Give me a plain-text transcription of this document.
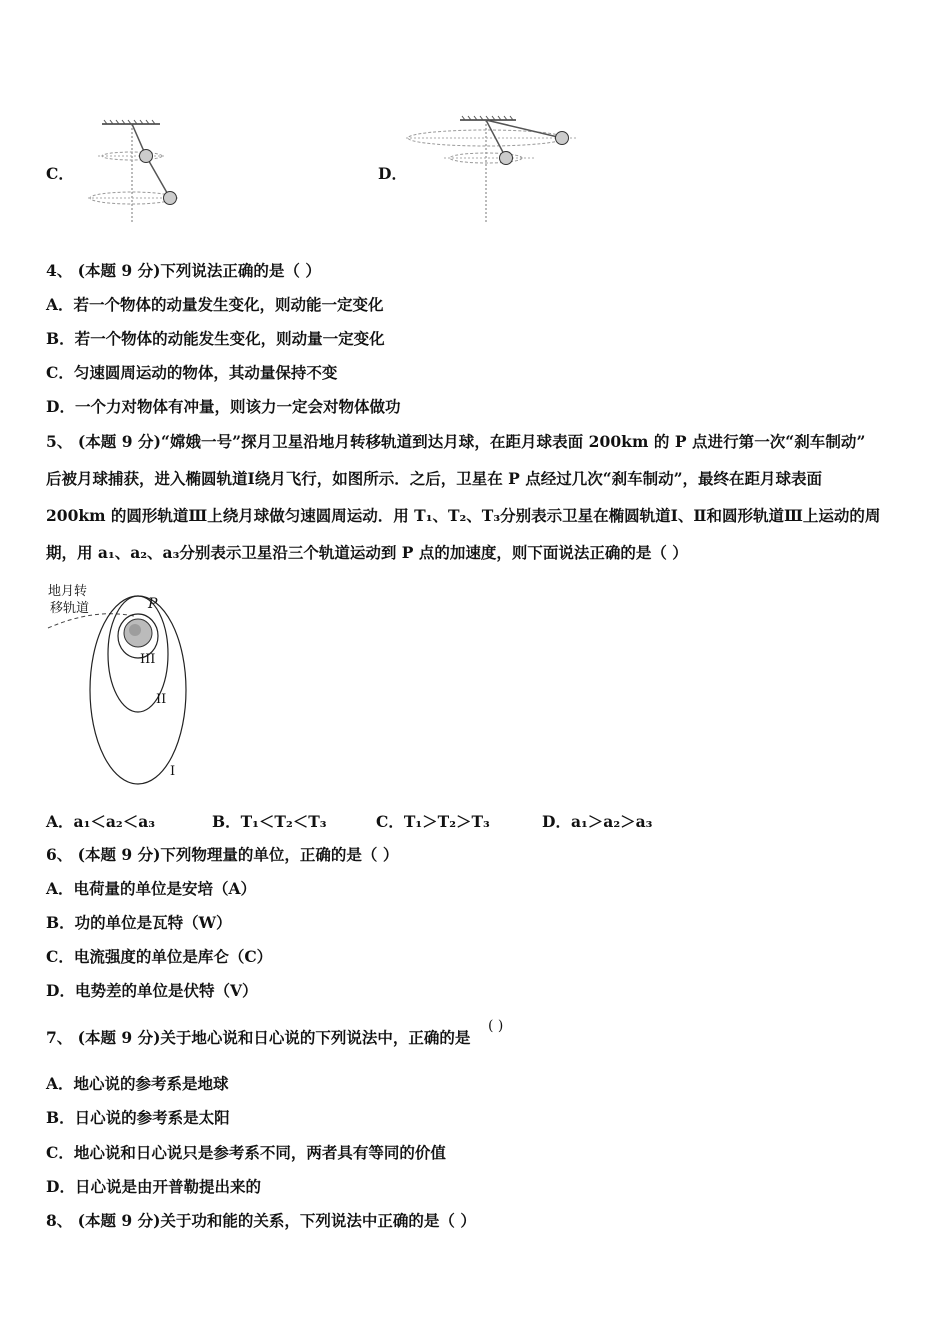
C．	D．
4、 (本题 9 分)下列说法正确的是（ ）
A．若一个物体的动量发生变化，则动能一定变化
B．若一个物体的动能发生变化，则动量一定变化
C．匀速圆周运动的物体，其动量保持不变
D．一个力对物体有冲量，则该力一定会对物体做功
5、 (本题 9 分)“嫦娥一号”探月卫星沿地月转移轨道到达月球，在距月球表面 200km 的 P 点进行第一次“刹车制动”
后被月球捕获，进入椭圆轨道Ⅰ绕月飞行，如图所示．之后，卫星在 P 点经过几次“刹车制动”，最终在距月球表面
200km 的圆形轨道Ⅲ上绕月球做匀速圆周运动．用 T₁、T₂、T₃分别表示卫星在椭圆轨道Ⅰ、Ⅱ和圆形轨道Ⅲ上运动的周
期，用 a₁、a₂、a₃分别表示卫星沿三个轨道运动到 P 点的加速度，则下面说法正确的是（ ）
地月转
移轨道	P
III
II
I
A．a₁＜a₂＜a₃	B．T₁＜T₂＜T₃	C．T₁＞T₂＞T₃	D．a₁＞a₂＞a₃
6、 (本题 9 分)下列物理量的单位，正确的是（ ）
A．电荷量的单位是安培（A）
B．功的单位是瓦特（W）
C．电流强度的单位是库仑（C）
D．电势差的单位是伏特（V）
7、 (本题 9 分)关于地心说和日心说的下列说法中，正确的是
( )
A．地心说的参考系是地球
B．日心说的参考系是太阳
C．地心说和日心说只是参考系不同，两者具有等同的价值
D．日心说是由开普勒提出来的
8、 (本题 9 分)关于功和能的关系，下列说法中正确的是（ ）
